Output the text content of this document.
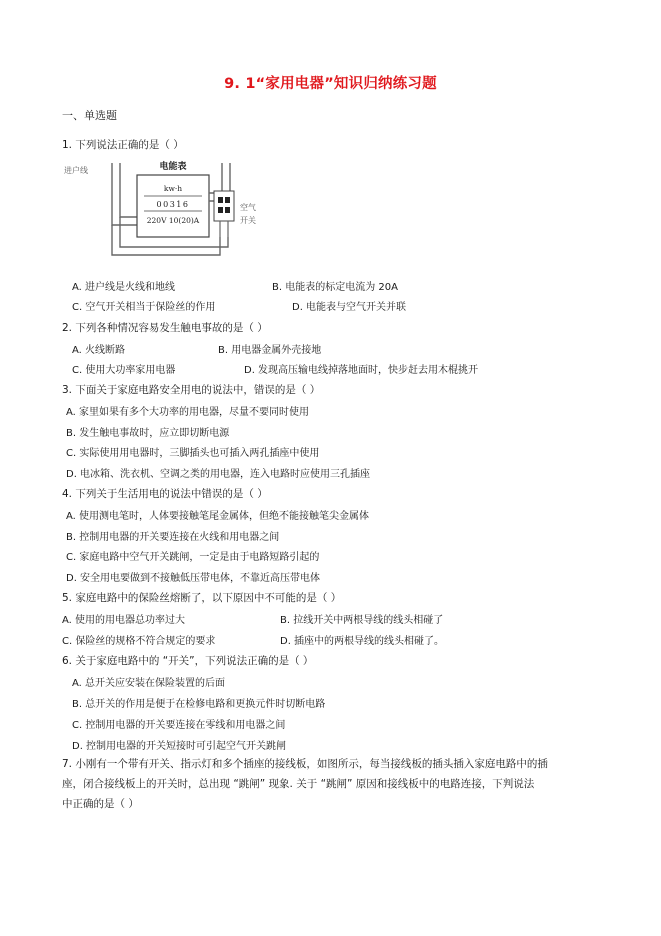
9. 1“家用电器”知识归纳练习题
一、单选题
1. 下列说法正确的是（ ）
电能表
kw·h
00316
220V 10(20)A
进户线
空气
开关
A. 进户线是火线和地线	B. 电能表的标定电流为 20A
C. 空气开关相当于保险丝的作用	D. 电能表与空气开关并联
2. 下列各种情况容易发生触电事故的是（ ）
A. 火线断路	B. 用电器金属外壳接地
C. 使用大功率家用电器	D. 发现高压输电线掉落地面时，快步赶去用木棍挑开
3. 下面关于家庭电路安全用电的说法中，错误的是（ ）
A. 家里如果有多个大功率的用电器，尽量不要同时使用
B. 发生触电事故时，应立即切断电源
C. 实际使用用电器时，三脚插头也可插入两孔插座中使用
D. 电冰箱、洗衣机、空调之类的用电器，连入电路时应使用三孔插座
4. 下列关于生活用电的说法中错误的是（ ）
A. 使用测电笔时，人体要接触笔尾金属体，但绝不能接触笔尖金属体
B. 控制用电器的开关要连接在火线和用电器之间
C. 家庭电路中空气开关跳闸，一定是由于电路短路引起的
D. 安全用电要做到不接触低压带电体，不靠近高压带电体
5. 家庭电路中的保险丝熔断了，以下原因中不可能的是（ ）
A. 使用的用电器总功率过大	B. 拉线开关中两根导线的线头相碰了
C. 保险丝的规格不符合规定的要求	D. 插座中的两根导线的线头相碰了。
6. 关于家庭电路中的 “开关”，下列说法正确的是（ ）
A. 总开关应安装在保险装置的后面
B. 总开关的作用是便于在检修电路和更换元件时切断电路
C. 控制用电器的开关要连接在零线和用电器之间
D. 控制用电器的开关短接时可引起空气开关跳闸
7. 小刚有一个带有开关、指示灯和多个插座的接线板，如图所示，每当接线板的插头插入家庭电路中的插
座，闭合接线板上的开关时，总出现 “跳闸” 现象. 关于 “跳闸” 原因和接线板中的电路连接，下判说法
中正确的是（ ）
